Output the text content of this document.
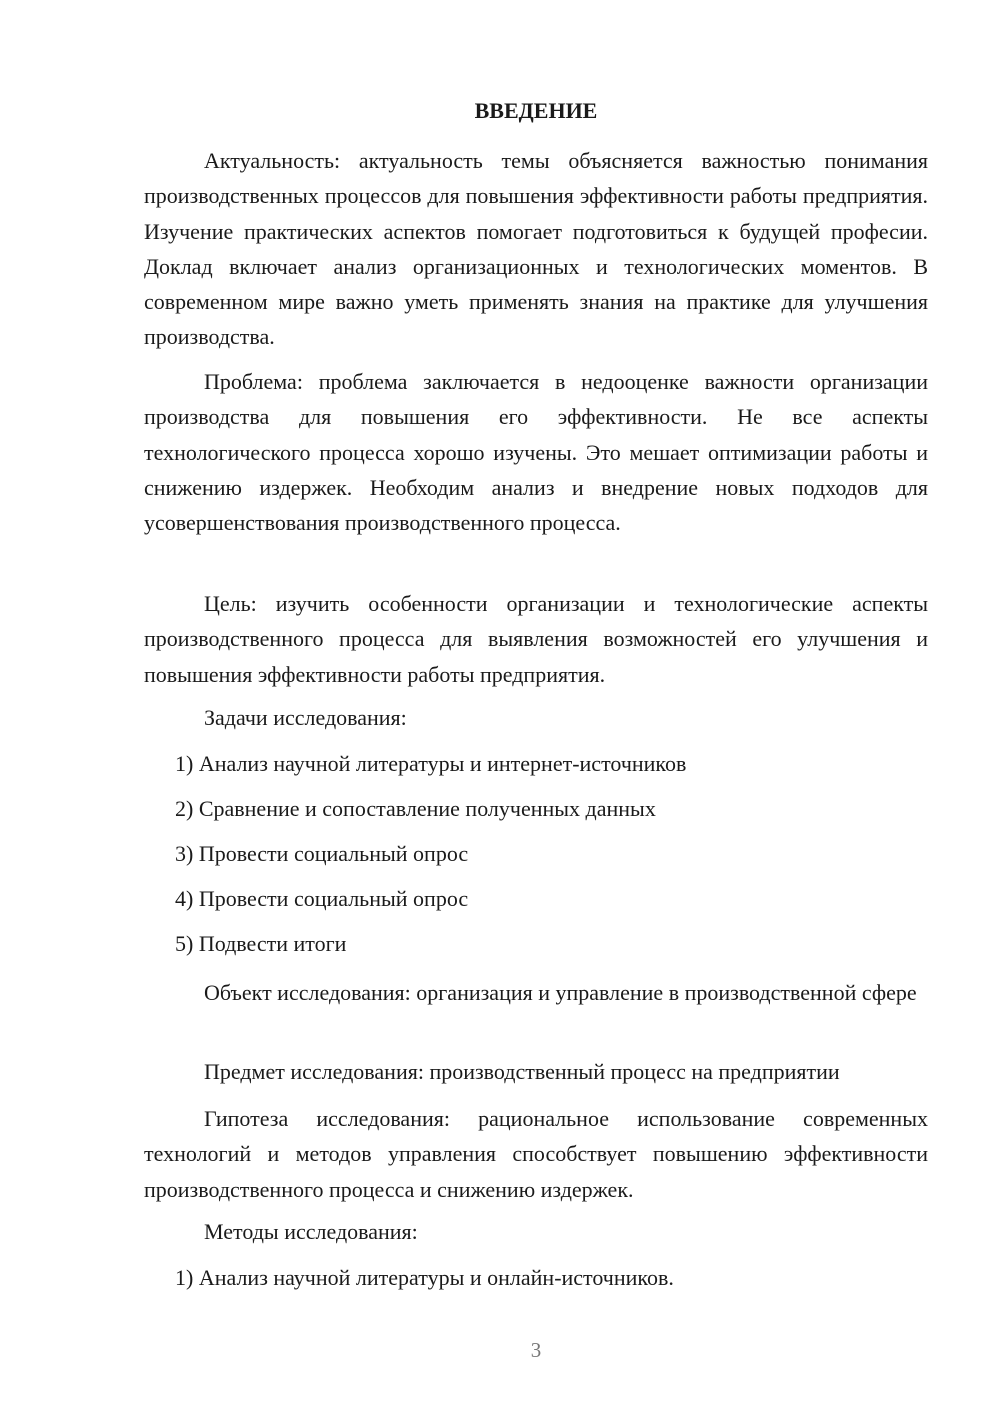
ВВЕДЕНИЕ

Актуальность: актуальность темы объясняется важностью понимания производственных процессов для повышения эффективности работы предприятия. Изучение практических аспектов помогает подготовиться к будущей професии. Доклад включает анализ организационных и технологических моментов. В современном мире важно уметь применять знания на практике для улучшения производства.

Проблема: проблема заключается в недооценке важности организации производства для повышения его эффективности. Не все аспекты технологического процесса хорошо изучены. Это мешает оптимизации работы и снижению издержек. Необходим анализ и внедрение новых подходов для усовершенствования производственного процесса.

Цель: изучить особенности организации и технологические аспекты производственного процесса для выявления возможностей его улучшения и повышения эффективности работы предприятия.

Задачи исследования:

1) Анализ научной литературы и интернет-источников

2) Сравнение и сопоставление полученных данных

3) Провести социальный опрос

4) Провести социальный опрос

5) Подвести итоги

Объект исследования: организация и управление в производственной сфере

Предмет исследования: производственный процесс на предприятии

Гипотеза исследования: рациональное использование современных технологий и методов управления способствует повышению эффективности производственного процесса и снижению издержек.

Методы исследования:

1) Анализ научной литературы и онлайн-источников.

3
